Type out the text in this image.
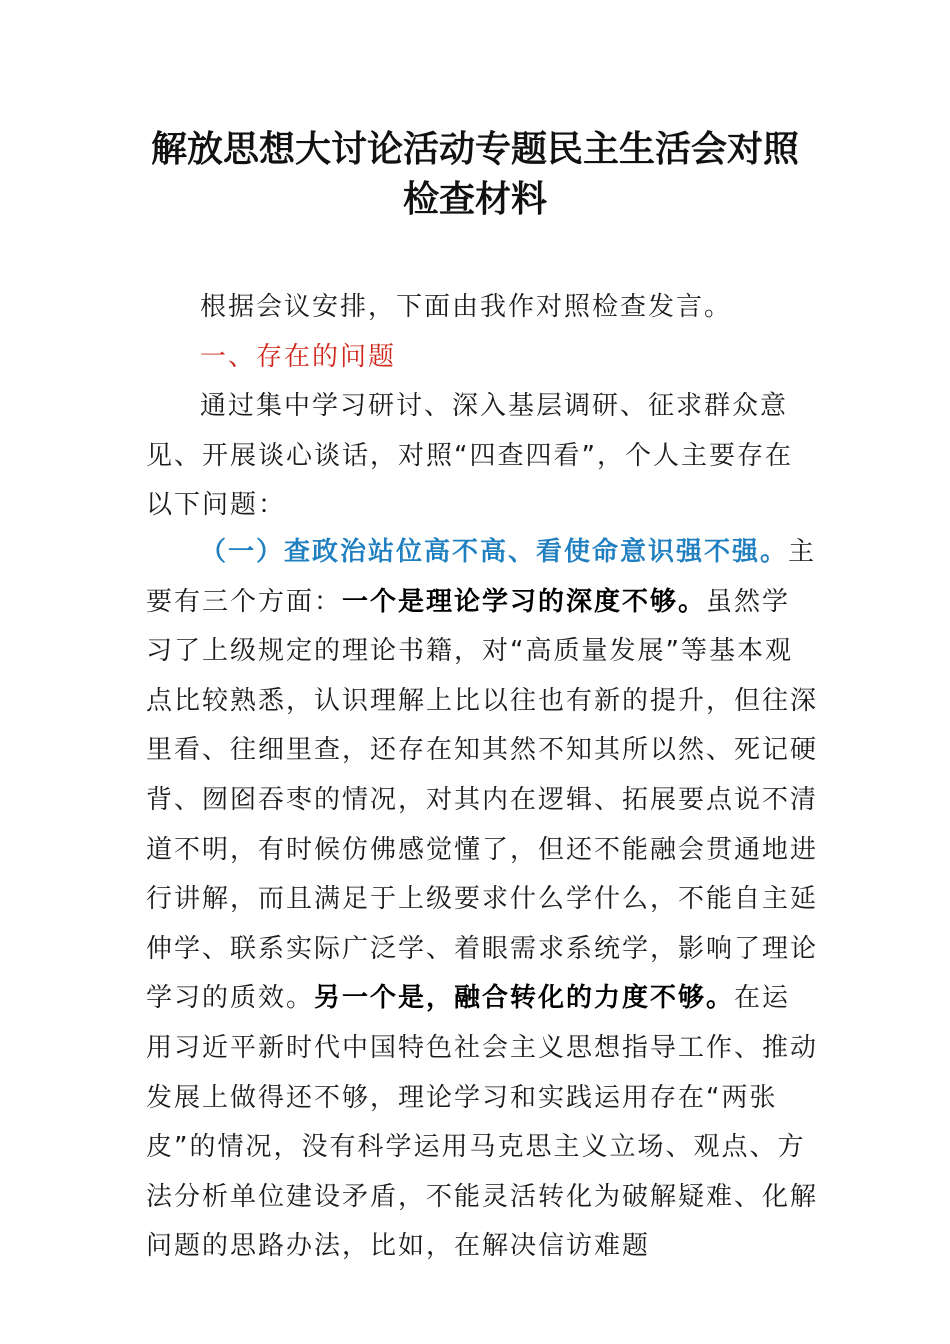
解放思想大讨论活动专题民主生活会对照
检查材料
根据会议安排，下面由我作对照检查发言。
一、存在的问题
通过集中学习研讨、深入基层调研、征求群众意见、开展谈心谈话，对照“四查四看”，个人主要存在以下问题：
（一）查政治站位高不高、看使命意识强不强。主要有三个方面：一个是理论学习的深度不够。虽然学习了上级规定的理论书籍，对“高质量发展”等基本观点比较熟悉，认识理解上比以往也有新的提升，但往深里看、往细里查，还存在知其然不知其所以然、死记硬背、囫囵吞枣的情况，对其内在逻辑、拓展要点说不清道不明，有时候仿佛感觉懂了，但还不能融会贯通地进行讲解，而且满足于上级要求什么学什么，不能自主延伸学、联系实际广泛学、着眼需求系统学，影响了理论学习的质效。另一个是，融合转化的力度不够。在运用习近平新时代中国特色社会主义思想指导工作、推动发展上做得还不够，理论学习和实践运用存在“两张皮”的情况，没有科学运用马克思主义立场、观点、方法分析单位建设矛盾，不能灵活转化为破解疑难、化解问题的思路办法，比如，在解决信访难题
